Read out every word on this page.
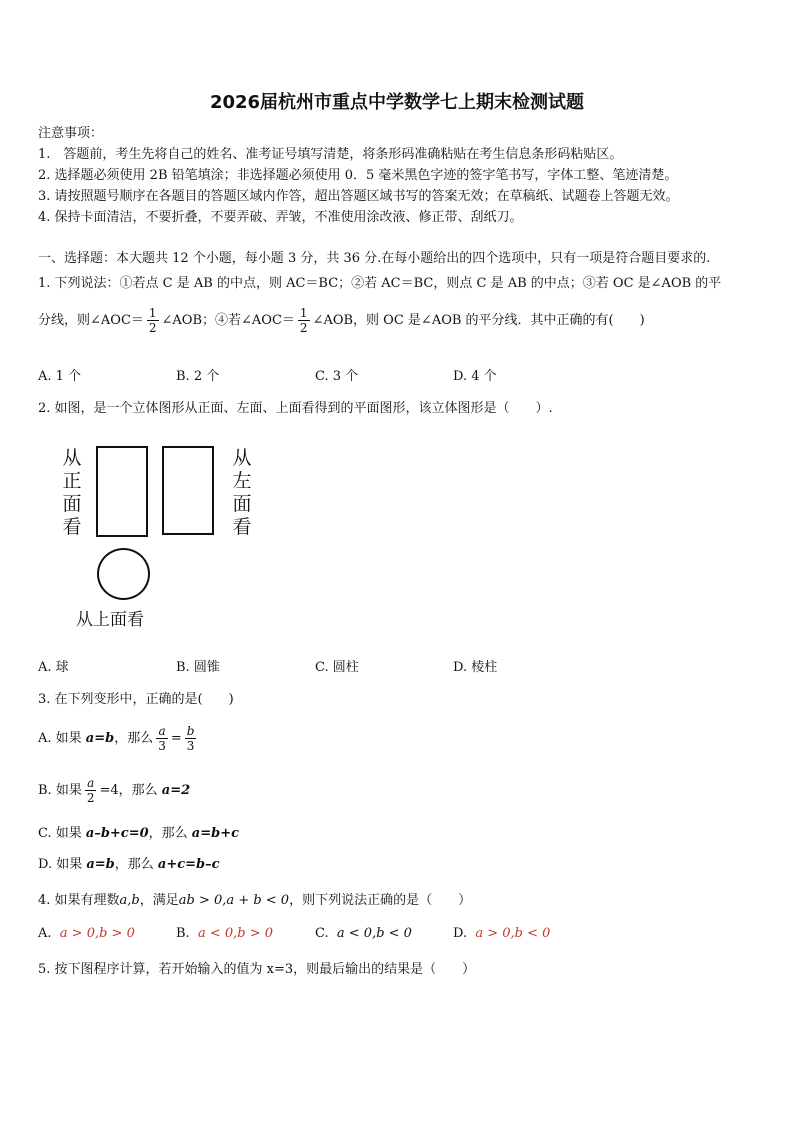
2026届杭州市重点中学数学七上期末检测试题
注意事项：
1.　答题前，考生先将自己的姓名、准考证号填写清楚，将条形码准确粘贴在考生信息条形码粘贴区。
2. 选择题必须使用 2B 铅笔填涂；非选择题必须使用 0．5 毫米黑色字迹的签字笔书写，字体工整、笔迹清楚。
3. 请按照题号顺序在各题目的答题区域内作答，超出答题区域书写的答案无效；在草稿纸、试题卷上答题无效。
4. 保持卡面清洁，不要折叠，不要弄破、弄皱，不准使用涂改液、修正带、刮纸刀。
一、选择题：本大题共 12 个小题，每小题 3 分，共 36 分.在每小题给出的四个选项中，只有一项是符合题目要求的.
1. 下列说法：①若点 C 是 AB 的中点，则 AC＝BC；②若 AC＝BC，则点 C 是 AB 的中点；③若 OC 是∠AOB 的平
分线，则∠AOC＝ $\frac{1}{2}$ ∠AOB；④若∠AOC＝ $\frac{1}{2}$ ∠AOB，则 OC 是∠AOB 的平分线．其中正确的有(　　)
A. 1 个	B. 2 个	C. 3 个	D. 4 个
2. 如图，是一个立体图形从正面、左面、上面看得到的平面图形，该立体图形是（　　）.
从
正
面
看
从
左
面
看
从上面看
A. 球	B. 圆锥	C. 圆柱	D. 棱柱
3. 在下列变形中，正确的是(　　)
A. 如果 a=b，那么 $\frac{a}{3} = \frac{b}{3}$
B. 如果 $\frac{a}{2} =4$，那么 a=2
C. 如果 a–b+c=0，那么 a=b+c
D. 如果 a=b，那么 a+c=b–c
4. 如果有理数a,b，满足ab > 0,a + b < 0，则下列说法正确的是（　　）
A. a > 0,b > 0	B. a < 0,b > 0	C. a < 0,b < 0	D. a > 0,b < 0
5. 按下图程序计算，若开始输入的值为 x=3，则最后输出的结果是（　　）
